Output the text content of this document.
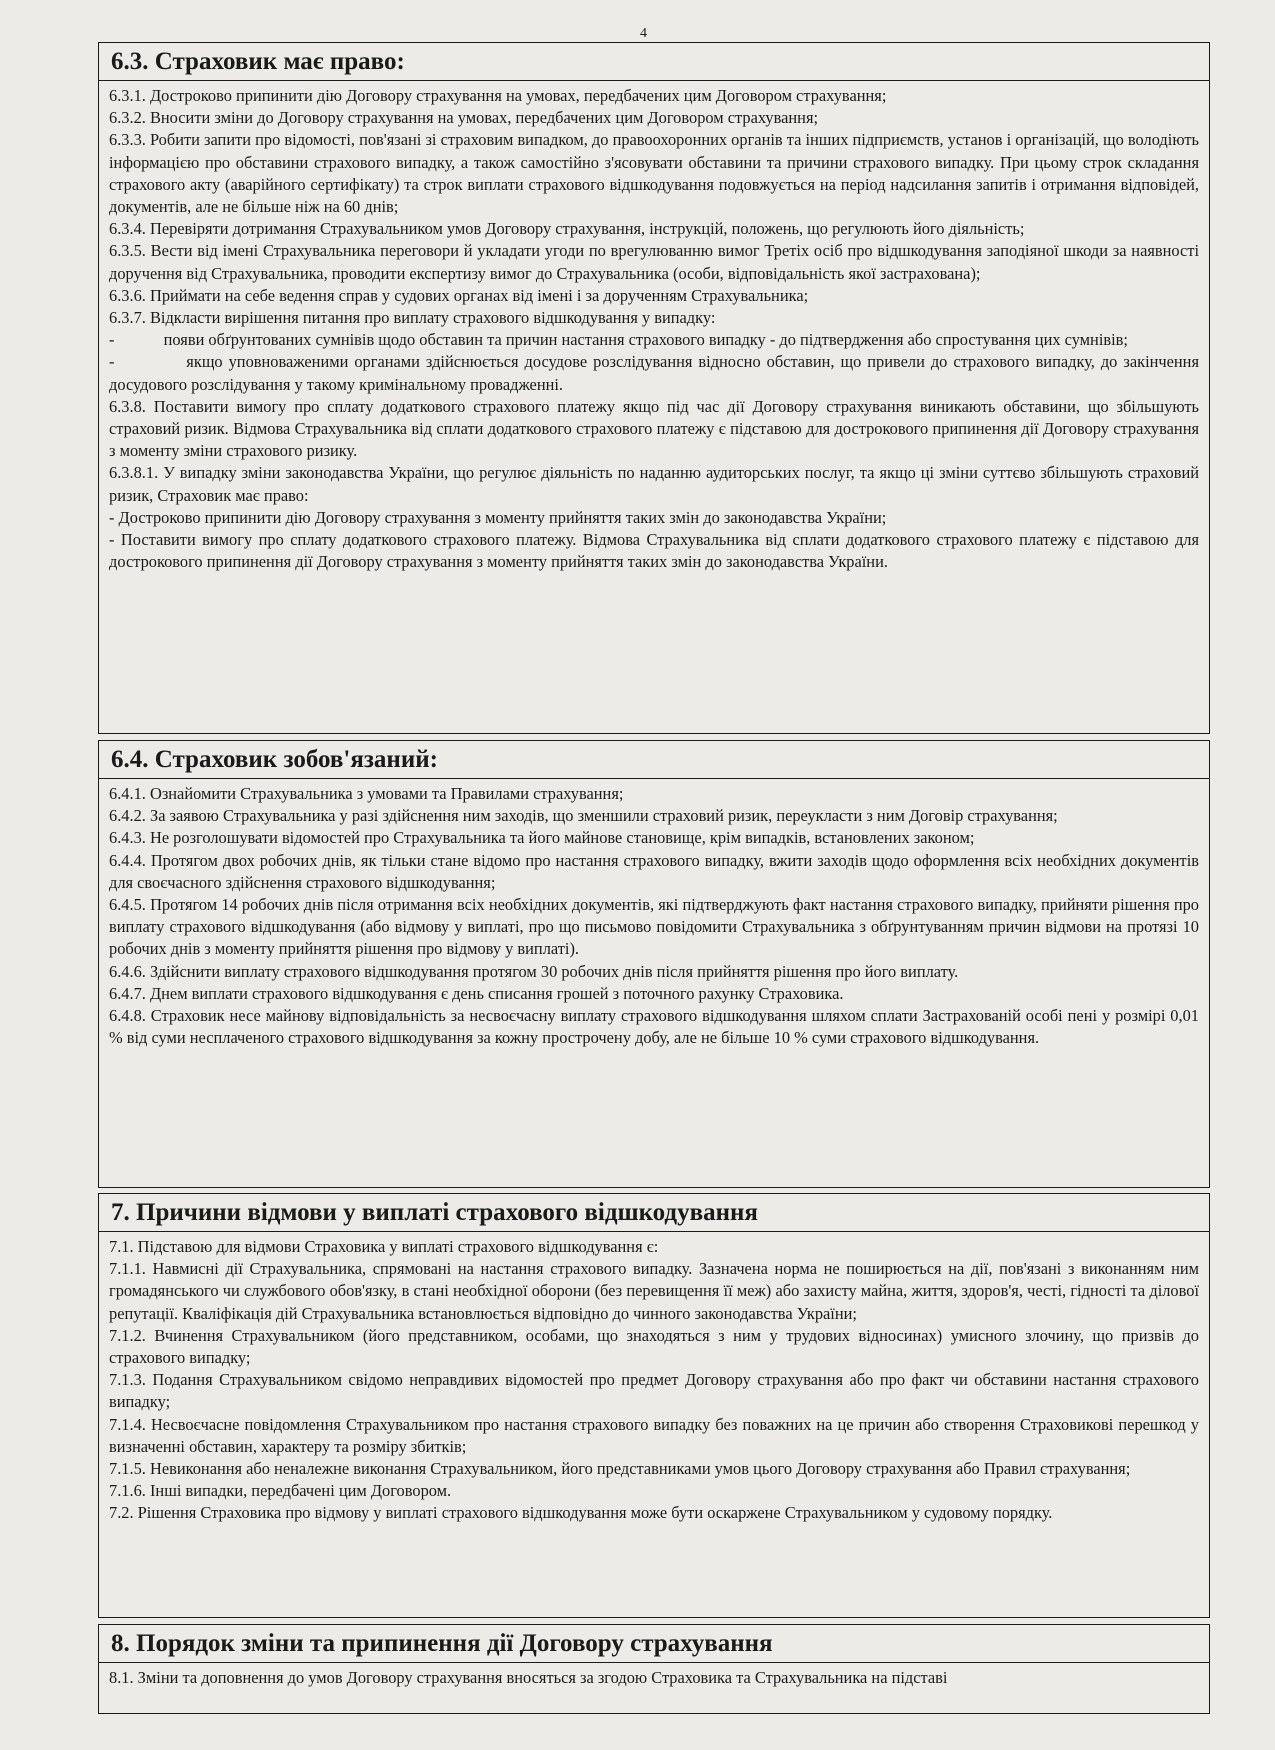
4
6.3. Страховик має право:

6.3.1. Достроково припинити дію Договору страхування на умовах, передбачених цим Договором страхування;

6.3.2. Вносити зміни до Договору страхування на умовах, передбачених цим Договором страхування;

6.3.3. Робити запити про відомості, пов'язані зі страховим випадком, до правоохоронних органів та інших підприємств, установ і організацій, що володіють інформацією про обставини страхового випадку, а також самостійно з'ясовувати обставини та причини страхового випадку. При цьому строк складання страхового акту (аварійного сертифікату) та строк виплати страхового відшкодування подовжується на період надсилання запитів і отримання відповідей, документів, але не більше ніж на 60 днів;

6.3.4. Перевіряти дотримання Страхувальником умов Договору страхування, інструкцій, положень, що регулюють його діяльність;

6.3.5. Вести від імені Страхувальника переговори й укладати угоди по врегулюванню вимог Третіх осіб про відшкодування заподіяної шкоди за наявності доручення від Страхувальника, проводити експертизу вимог до Страхувальника (особи, відповідальність якої застрахована);

6.3.6. Приймати на себе ведення справ у судових органах від імені і за дорученням Страхувальника;

6.3.7. Відкласти вирішення питання про виплату страхового відшкодування у випадку:

-            появи обґрунтованих сумнівів щодо обставин та причин настання страхового випадку - до підтвердження або спростування цих сумнівів;

-            якщо уповноваженими органами здійснюється досудове розслідування відносно обставин, що привели до страхового випадку, до закінчення досудового розслідування у такому кримінальному провадженні.

6.3.8. Поставити вимогу про сплату додаткового страхового платежу якщо під час дії Договору страхування виникають обставини, що збільшують страховий ризик. Відмова Страхувальника від сплати додаткового страхового платежу є підставою для дострокового припинення дії Договору страхування з моменту зміни страхового ризику.

6.3.8.1. У випадку зміни законодавства України, що регулює діяльність по наданню аудиторських послуг, та якщо ці зміни суттєво збільшують страховий ризик, Страховик має право:

- Достроково припинити дію Договору страхування з моменту прийняття таких змін до законодавства України;

- Поставити вимогу про сплату додаткового страхового платежу. Відмова Страхувальника від сплати додаткового страхового платежу є підставою для дострокового припинення дії Договору страхування з моменту прийняття таких змін до законодавства України.

6.4. Страховик зобов'язаний:

6.4.1. Ознайомити Страхувальника з умовами та Правилами страхування;

6.4.2. За заявою Страхувальника у разі здійснення ним заходів, що зменшили страховий ризик, переукласти з ним Договір страхування;

6.4.3. Не розголошувати відомостей про Страхувальника та його майнове становище, крім випадків, встановлених законом;

6.4.4. Протягом двох робочих днів, як тільки стане відомо про настання страхового випадку, вжити заходів щодо оформлення всіх необхідних документів для своєчасного здійснення страхового відшкодування;

6.4.5. Протягом 14 робочих днів після отримання всіх необхідних документів, які підтверджують факт настання страхового випадку, прийняти рішення про виплату страхового відшкодування (або відмову у виплаті, про що письмово повідомити Страхувальника з обґрунтуванням причин відмови на протязі 10 робочих днів з моменту прийняття рішення про відмову у виплаті).

6.4.6. Здійснити виплату страхового відшкодування протягом 30 робочих днів після прийняття рішення про його виплату.

6.4.7. Днем виплати страхового відшкодування є день списання грошей з поточного рахунку Страховика.

6.4.8. Страховик несе майнову відповідальність за несвоєчасну виплату страхового відшкодування шляхом сплати Застрахованій особі пені у розмірі 0,01 % від суми несплаченого страхового відшкодування за кожну прострочену добу, але не більше 10 % суми страхового відшкодування.

7. Причини відмови у виплаті страхового відшкодування

7.1. Підставою для відмови Страховика у виплаті страхового відшкодування є:

7.1.1. Навмисні дії Страхувальника, спрямовані на настання страхового випадку. Зазначена норма не поширюється на дії, пов'язані з виконанням ним громадянського чи службового обов'язку, в стані необхідної оборони (без перевищення її меж) або захисту майна, життя, здоров'я, честі, гідності та ділової репутації. Кваліфікація дій Страхувальника встановлюється відповідно до чинного законодавства України;

7.1.2. Вчинення Страхувальником (його представником, особами, що знаходяться з ним у трудових відносинах) умисного злочину, що призвів до страхового випадку;

7.1.3. Подання Страхувальником свідомо неправдивих відомостей про предмет Договору страхування або про факт чи обставини настання страхового випадку;

7.1.4. Несвоєчасне повідомлення Страхувальником про настання страхового випадку без поважних на це причин або створення Страховикові перешкод у визначенні обставин, характеру та розміру збитків;

7.1.5. Невиконання або неналежне виконання Страхувальником, його представниками умов цього Договору страхування або Правил страхування;

7.1.6. Інші випадки, передбачені цим Договором.

7.2. Рішення Страховика про відмову у виплаті страхового відшкодування може бути оскаржене Страхувальником у судовому порядку.

8. Порядок зміни та припинення дії Договору страхування

8.1. Зміни та доповнення до умов Договору страхування вносяться за згодою Страховика та Страхувальника на підставі
